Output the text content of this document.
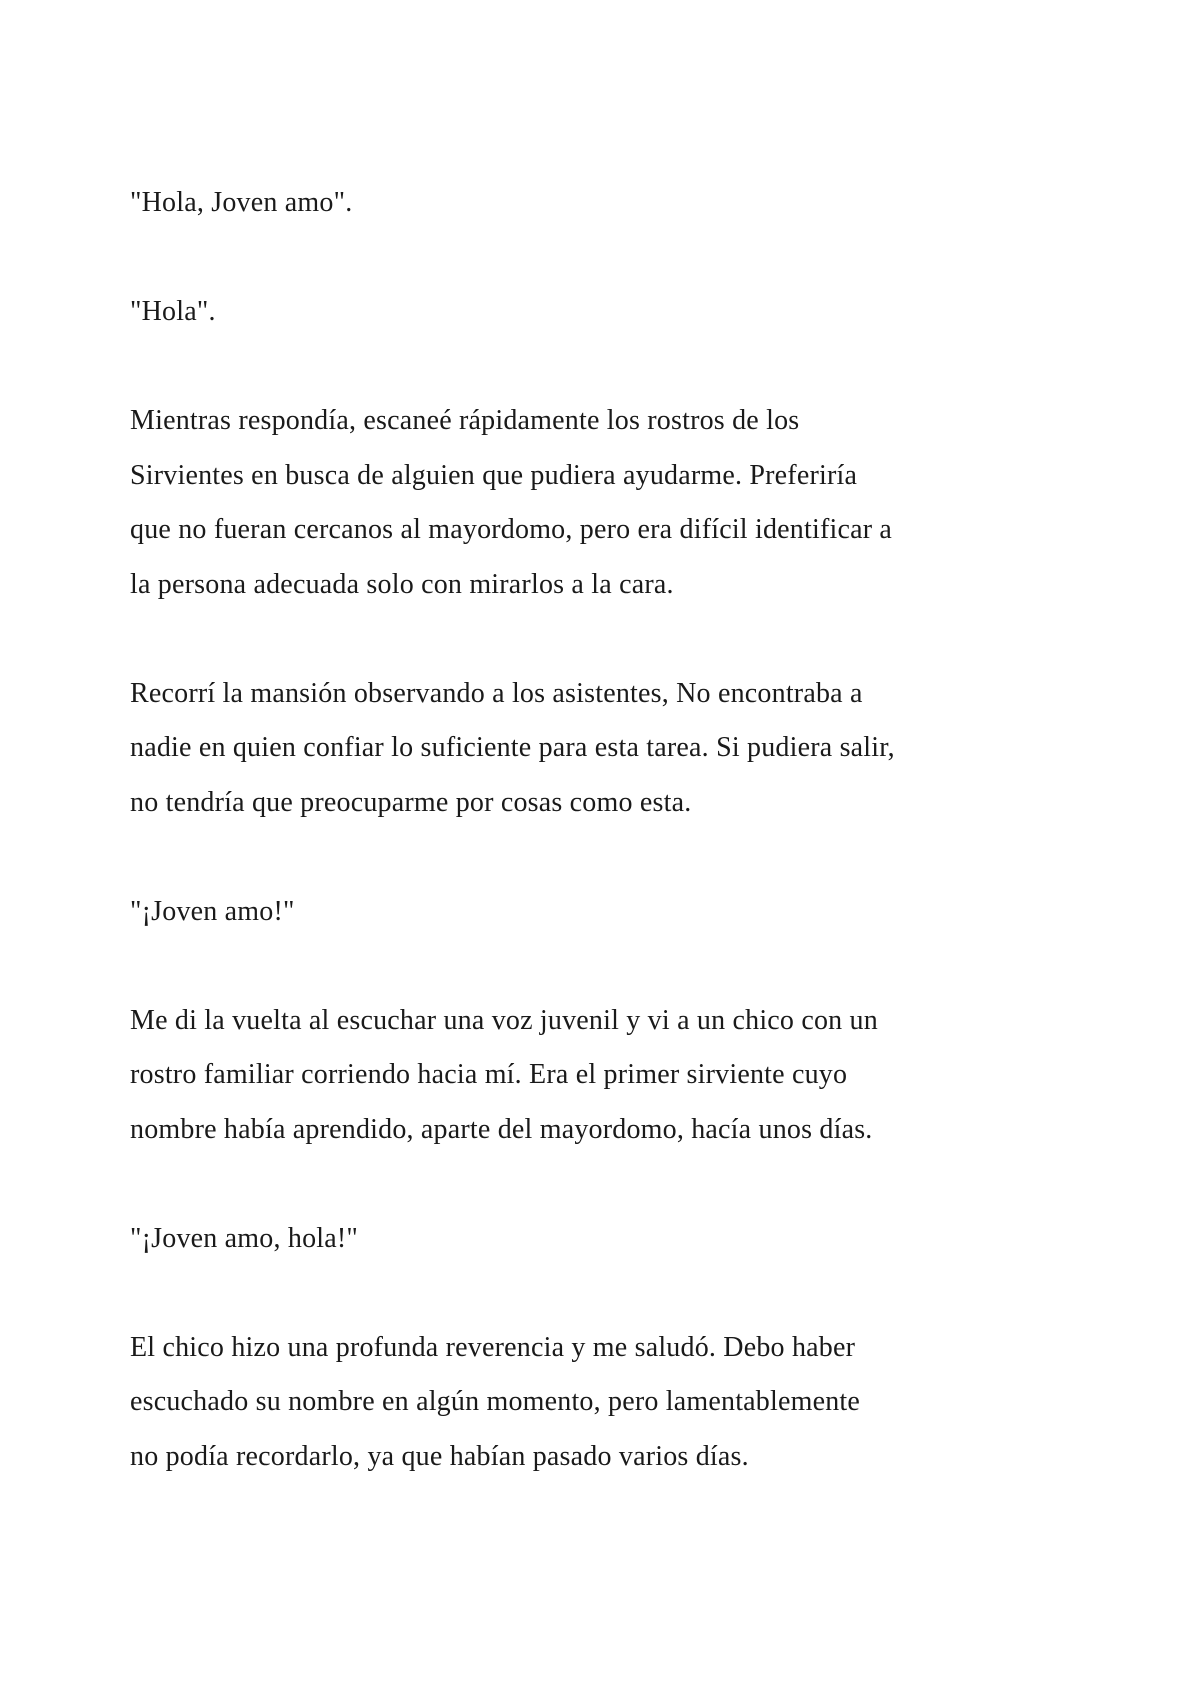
"Hola, Joven amo".

"Hola".

Mientras respondía, escaneé rápidamente los rostros de los
Sirvientes en busca de alguien que pudiera ayudarme. Preferiría
que no fueran cercanos al mayordomo, pero era difícil identificar a
la persona adecuada solo con mirarlos a la cara.

Recorrí la mansión observando a los asistentes, No encontraba a
nadie en quien confiar lo suficiente para esta tarea. Si pudiera salir,
no tendría que preocuparme por cosas como esta.

"¡Joven amo!"

Me di la vuelta al escuchar una voz juvenil y vi a un chico con un
rostro familiar corriendo hacia mí. Era el primer sirviente cuyo
nombre había aprendido, aparte del mayordomo, hacía unos días.

"¡Joven amo, hola!"

El chico hizo una profunda reverencia y me saludó. Debo haber
escuchado su nombre en algún momento, pero lamentablemente
no podía recordarlo, ya que habían pasado varios días.
